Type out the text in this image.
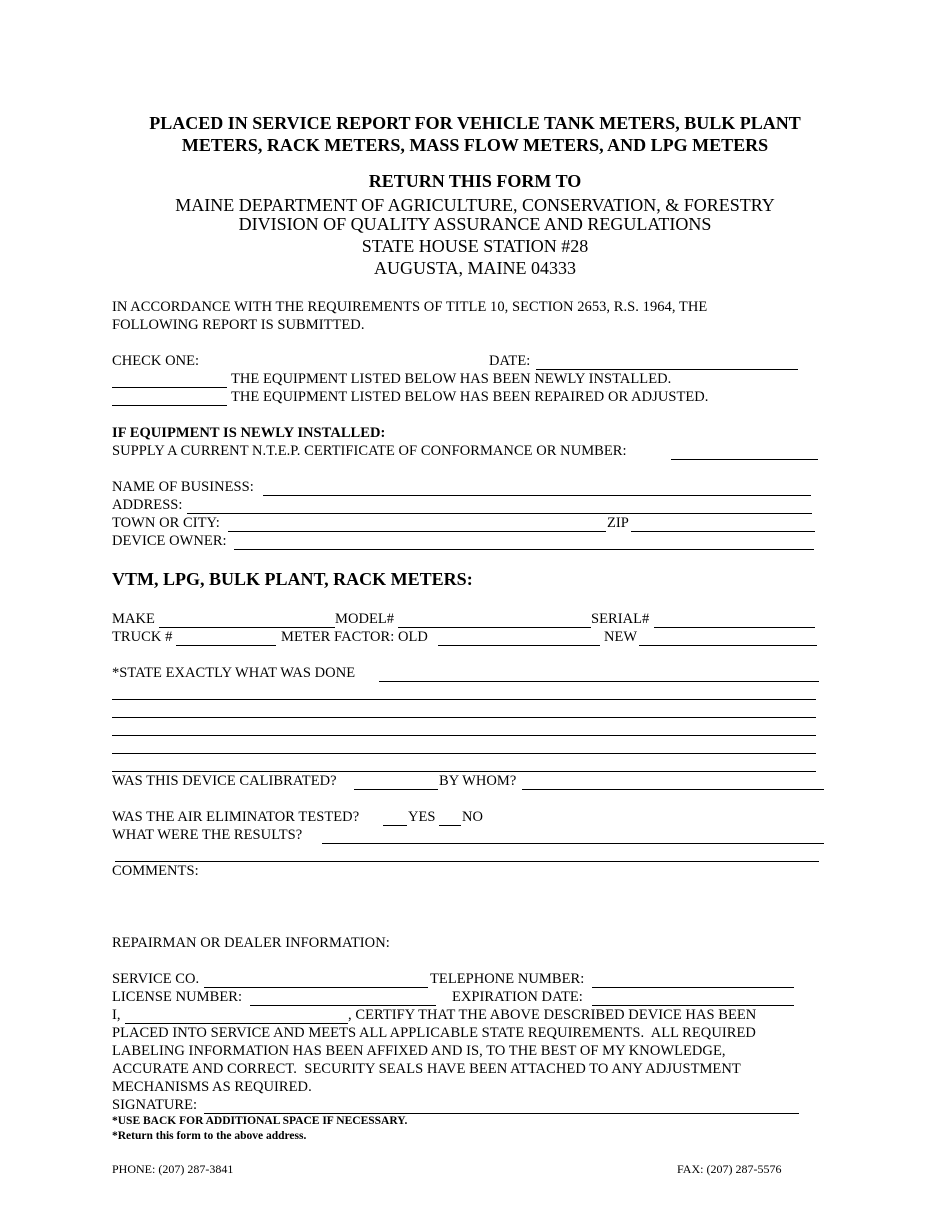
PLACED IN SERVICE REPORT FOR VEHICLE TANK METERS, BULK PLANT
METERS, RACK METERS, MASS FLOW METERS, AND LPG METERS
RETURN THIS FORM TO
MAINE DEPARTMENT OF AGRICULTURE, CONSERVATION, & FORESTRY
DIVISION OF QUALITY ASSURANCE AND REGULATIONS
STATE HOUSE STATION #28
AUGUSTA, MAINE 04333
IN ACCORDANCE WITH THE REQUIREMENTS OF TITLE 10, SECTION 2653, R.S. 1964, THE
FOLLOWING REPORT IS SUBMITTED.
CHECK ONE:	DATE:
THE EQUIPMENT LISTED BELOW HAS BEEN NEWLY INSTALLED.
THE EQUIPMENT LISTED BELOW HAS BEEN REPAIRED OR ADJUSTED.
IF EQUIPMENT IS NEWLY INSTALLED:
SUPPLY A CURRENT N.T.E.P. CERTIFICATE OF CONFORMANCE OR NUMBER:
NAME OF BUSINESS:
ADDRESS:
TOWN OR CITY:	ZIP
DEVICE OWNER:
VTM, LPG, BULK PLANT, RACK METERS:
MAKE	MODEL#	SERIAL#
TRUCK #	METER FACTOR: OLD	NEW
*STATE EXACTLY WHAT WAS DONE
WAS THIS DEVICE CALIBRATED?	BY WHOM?
WAS THE AIR ELIMINATOR TESTED?	YES NO
WHAT WERE THE RESULTS?
COMMENTS:
REPAIRMAN OR DEALER INFORMATION:
SERVICE CO.	TELEPHONE NUMBER:
LICENSE NUMBER:	EXPIRATION DATE:
I,	, CERTIFY THAT THE ABOVE DESCRIBED DEVICE HAS BEEN
PLACED INTO SERVICE AND MEETS ALL APPLICABLE STATE REQUIREMENTS.  ALL REQUIRED
LABELING INFORMATION HAS BEEN AFFIXED AND IS, TO THE BEST OF MY KNOWLEDGE,
ACCURATE AND CORRECT.  SECURITY SEALS HAVE BEEN ATTACHED TO ANY ADJUSTMENT
MECHANISMS AS REQUIRED.
SIGNATURE:
*USE BACK FOR ADDITIONAL SPACE IF NECESSARY.
*Return this form to the above address.
PHONE: (207) 287-3841	FAX: (207) 287-5576
